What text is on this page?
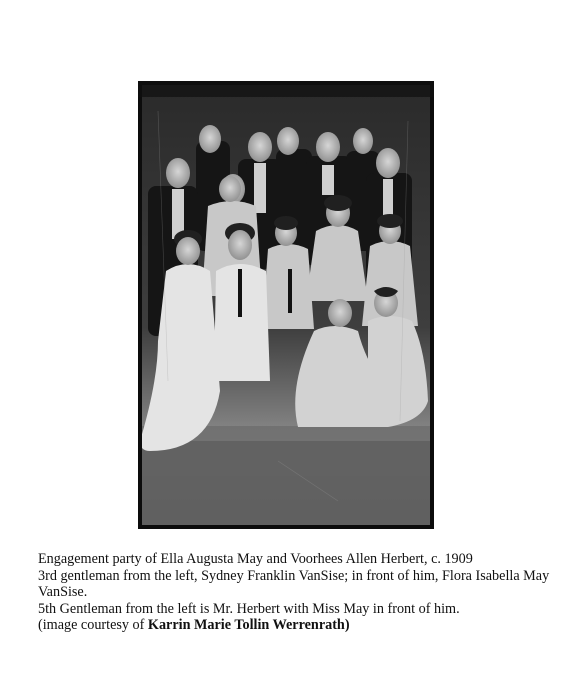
Engagement party of Ella Augusta May and Voorhees Allen Herbert, c. 1909
3rd gentleman from the left, Sydney Franklin VanSise; in front of him, Flora Isabella May VanSise.
5th Gentleman from the left is Mr. Herbert with Miss May in front of him.
(image courtesy of Karrin Marie Tollin Werrenrath)
